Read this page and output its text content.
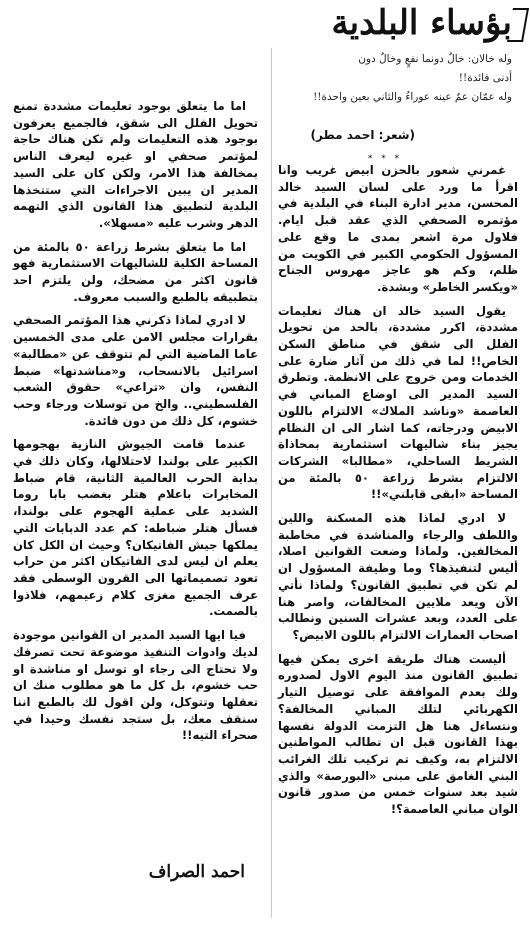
بؤساء البلدية
وله خالان: خالٌ دونما نفعٍ وخالٌ دون
أدنى فائدة!!
وله عمّان عمٌ عينه عوراءُ والثاني بعين واحدة!!
(شعر: احمد مطر)
* * *

غمرني شعور بالحزن ابيض غريب وانا اقرأ ما ورد على لسان السيد خالد المحسن، مدير ادارة البناء في البلدية في مؤتمره الصحفي الذي عقد قبل ايام. فلاول مرة اشعر بمدى ما وقع على المسؤول الحكومي الكبير في الكويت من ظلم، وكم هو عاجز مهروس الجناح «ويكسر الخاطر» وبشدة.

يقول السيد خالد ان هناك تعليمات مشددة، اكرر مشددة، بالحد من تحويل الفلل الى شقق في مناطق السكن الخاص!! لما في ذلك من آثار ضارة على الخدمات ومن خروج على الانظمة. وتطرق السيد المدير الى اوضاع المباني في العاصمة «وناشد الملاك» الالتزام باللون الابيض ودرجاته، كما اشار الى ان النظام يجيز بناء شاليهات استثمارية بمحاذاة الشريط الساحلي، «مطالبا» الشركات الالتزام بشرط زراعة ٥٠ بالمئة من المساحة «ابقى قابلني»!!

لا ادري لماذا هذه المسكنة واللين واللطف والرجاء والمناشدة في مخاطبة المخالفين. ولماذا وضعت القوانين اصلا، أليس لتنفيذها؟ وما وظيفة المسؤول ان لم تكن في تطبيق القانون؟ ولماذا نأتي الآن ويعد ملايين المخالفات، واصر هنا على العدد، وبعد عشرات السنين ونطالب اصحاب العمارات الالتزام باللون الابيض؟

أليست هناك طريقة اخرى يمكن فيها تطبيق القانون منذ اليوم الاول لصدوره ولك بعدم الموافقة على توصيل التيار الكهربائي لتلك المباني المخالفة؟ ونتساءل هنا هل التزمت الدولة نفسها بهذا القانون قبل ان تطالب المواطنين الالتزام به، وكيف تم تركيب تلك الغرائب البني الغامق على مبنى «البورصة» والذي شيد بعد سنوات خمس من صدور قانون الوان مباني العاصمة؟!

اما ما يتعلق بوجود تعليمات مشددة تمنع تحويل الفلل الى شقق، فالجميع يعرفون بوجود هذه التعليمات ولم تكن هناك حاجة لمؤتمر صحفي او غيره ليعرف الناس بمخالفة هذا الامر، ولكن كان على السيد المدير ان يبين الاجراءات التي ستتخذها البلدية لتطبيق هذا القانون الذي التهمه الدهر وشرب عليه «مسهلا».

اما ما يتعلق بشرط زراعة ٥٠ بالمئة من المساحة الكلية للشاليهات الاستثمارية فهو قانون اكثر من مضحك، ولن يلتزم احد بتطبيقه بالطبع والسبب معروف.

لا ادري لماذا ذكرني هذا المؤتمر الصحفي بقرارات مجلس الامن على مدى الخمسين عاما الماضية التي لم تتوقف عن «مطالبة» اسرائيل بالانسحاب، و«مناشدتها» ضبط النفس، وان «تراعي» حقوق الشعب الفلسطيني.. والخ من توسلات ورجاء وحب خشوم، كل ذلك من دون فائدة.

عندما قامت الجيوش النازية بهجومها الكبير على بولندا لاحتلالها، وكان ذلك في بداية الحرب العالمية الثانية، قام ضباط المخابرات باعلام هتلر بغضب بابا روما الشديد على عملية الهجوم على بولندا، فسأل هتلر ضباطه: كم عدد الدبابات التي يملكها جيش الفاتيكان؟ وحيث ان الكل كان يعلم ان ليس لدى الفاتيكان اكثر من حراب تعود تصميماتها الى القرون الوسطى فقد عرف الجميع مغزى كلام زعيمهم، فلاذوا بالصمت.

فيا ايها السيد المدير ان القوانين موجودة لديك وادوات التنفيذ موضوعة تحت تصرفك ولا تحتاج الى رجاء او توسل او مناشدة او حب خشوم، بل كل ما هو مطلوب منك ان تعقلها وتتوكل، ولن اقول لك بالطبع اننا سنقف معك، بل ستجد نفسك وحيدا في صحراء التيه!!

احمد الصراف
